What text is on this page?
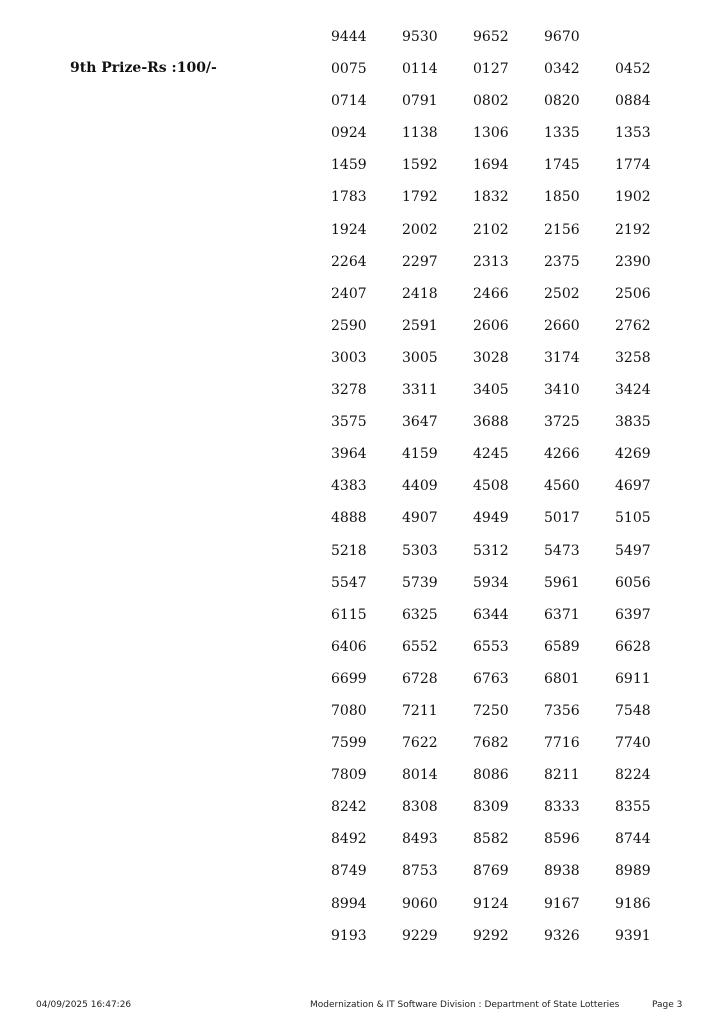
9th Prize-Rs :100/-
9444	9530	9652	9670
0075	0114	0127	0342	0452
0714	0791	0802	0820	0884
0924	1138	1306	1335	1353
1459	1592	1694	1745	1774
1783	1792	1832	1850	1902
1924	2002	2102	2156	2192
2264	2297	2313	2375	2390
2407	2418	2466	2502	2506
2590	2591	2606	2660	2762
3003	3005	3028	3174	3258
3278	3311	3405	3410	3424
3575	3647	3688	3725	3835
3964	4159	4245	4266	4269
4383	4409	4508	4560	4697
4888	4907	4949	5017	5105
5218	5303	5312	5473	5497
5547	5739	5934	5961	6056
6115	6325	6344	6371	6397
6406	6552	6553	6589	6628
6699	6728	6763	6801	6911
7080	7211	7250	7356	7548
7599	7622	7682	7716	7740
7809	8014	8086	8211	8224
8242	8308	8309	8333	8355
8492	8493	8582	8596	8744
8749	8753	8769	8938	8989
8994	9060	9124	9167	9186
9193	9229	9292	9326	9391
04/09/2025 16:47:26	Modernization & IT Software Division : Department of State Lotteries	Page 3
